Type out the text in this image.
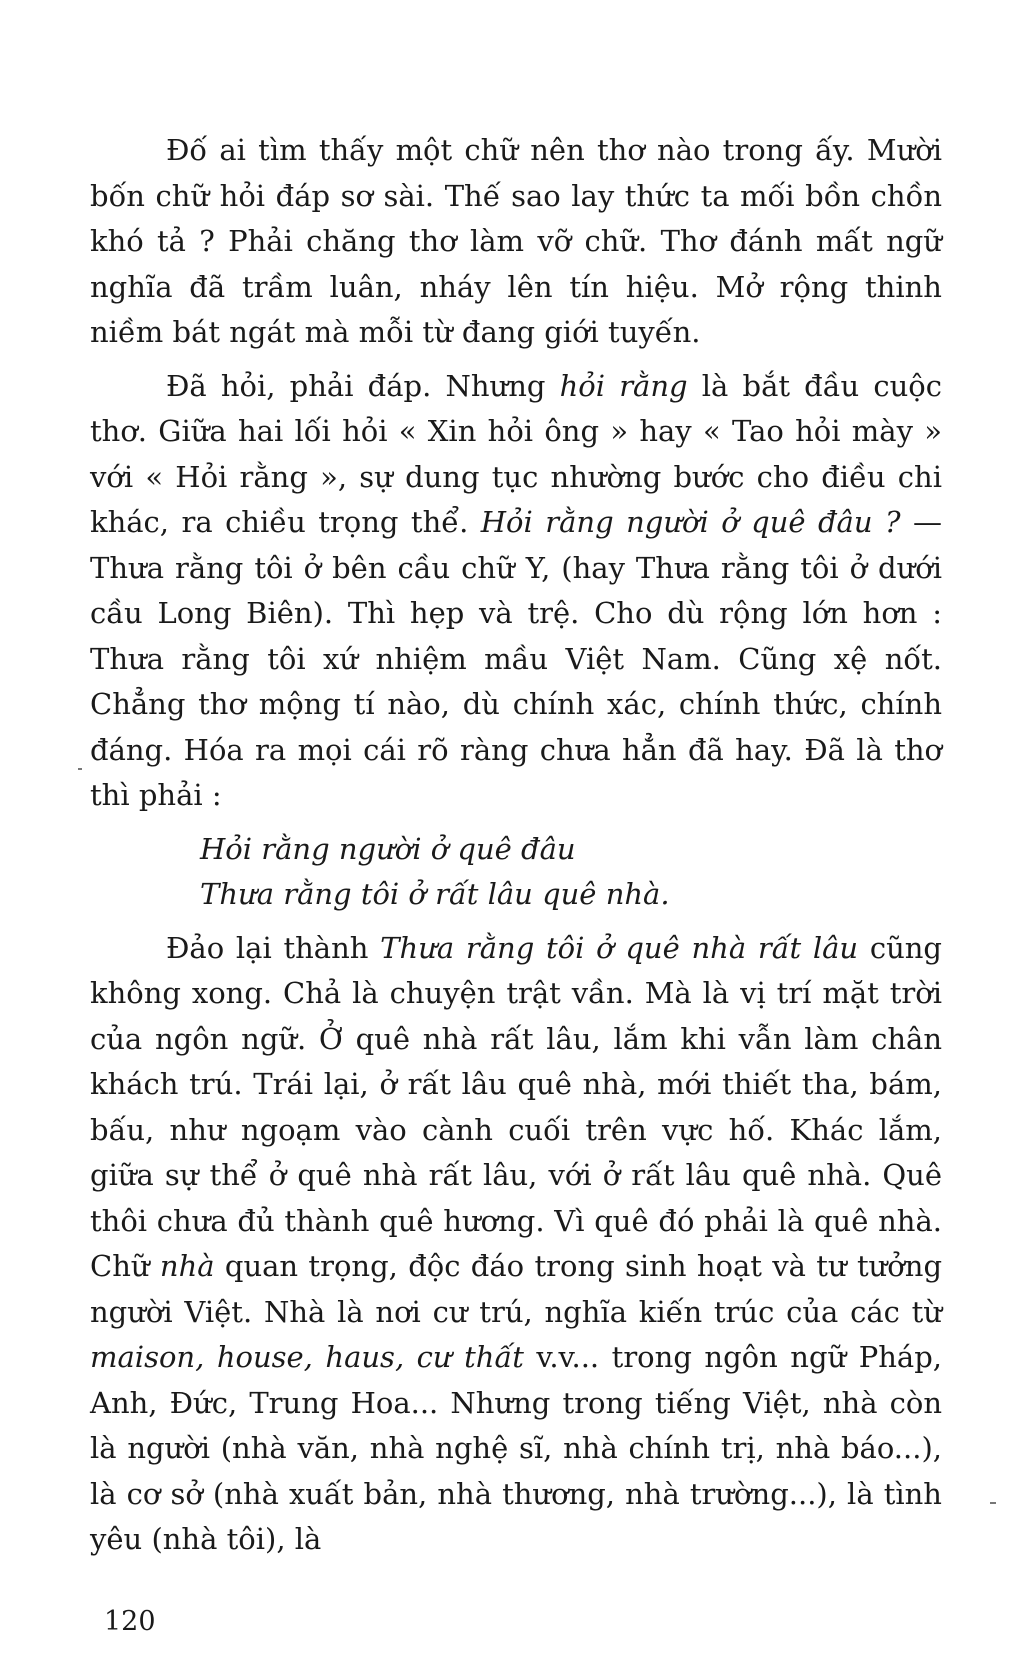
Đố ai tìm thấy một chữ nên thơ nào trong ấy. Mười bốn chữ hỏi đáp sơ sài. Thế sao lay thức ta mối bồn chồn khó tả ? Phải chăng thơ làm vỡ chữ. Thơ đánh mất ngữ nghĩa đã trầm luân, nháy lên tín hiệu. Mở rộng thinh niềm bát ngát mà mỗi từ đang giới tuyến.

Đã hỏi, phải đáp. Nhưng hỏi rằng là bắt đầu cuộc thơ. Giữa hai lối hỏi « Xin hỏi ông » hay « Tao hỏi mày » với « Hỏi rằng », sự dung tục nhường bước cho điều chi khác, ra chiều trọng thể. Hỏi rằng người ở quê đâu ? — Thưa rằng tôi ở bên cầu chữ Y, (hay Thưa rằng tôi ở dưới cầu Long Biên). Thì hẹp và trệ. Cho dù rộng lớn hơn : Thưa rằng tôi xứ nhiệm mầu Việt Nam. Cũng xệ nốt. Chẳng thơ mộng tí nào, dù chính xác, chính thức, chính đáng. Hóa ra mọi cái rõ ràng chưa hẳn đã hay. Đã là thơ thì phải :

Hỏi rằng người ở quê đâu
Thưa rằng tôi ở rất lâu quê nhà.

Đảo lại thành Thưa rằng tôi ở quê nhà rất lâu cũng không xong. Chả là chuyện trật vần. Mà là vị trí mặt trời của ngôn ngữ. Ở quê nhà rất lâu, lắm khi vẫn làm chân khách trú. Trái lại, ở rất lâu quê nhà, mới thiết tha, bám, bấu, như ngoạm vào cành cuối trên vực hố. Khác lắm, giữa sự thể ở quê nhà rất lâu, với ở rất lâu quê nhà. Quê thôi chưa đủ thành quê hương. Vì quê đó phải là quê nhà. Chữ nhà quan trọng, độc đáo trong sinh hoạt và tư tưởng người Việt. Nhà là nơi cư trú, nghĩa kiến trúc của các từ maison, house, haus, cư thất v.v... trong ngôn ngữ Pháp, Anh, Đức, Trung Hoa... Nhưng trong tiếng Việt, nhà còn là người (nhà văn, nhà nghệ sĩ, nhà chính trị, nhà báo...), là cơ sở (nhà xuất bản, nhà thương, nhà trường...), là tình yêu (nhà tôi), là

120
